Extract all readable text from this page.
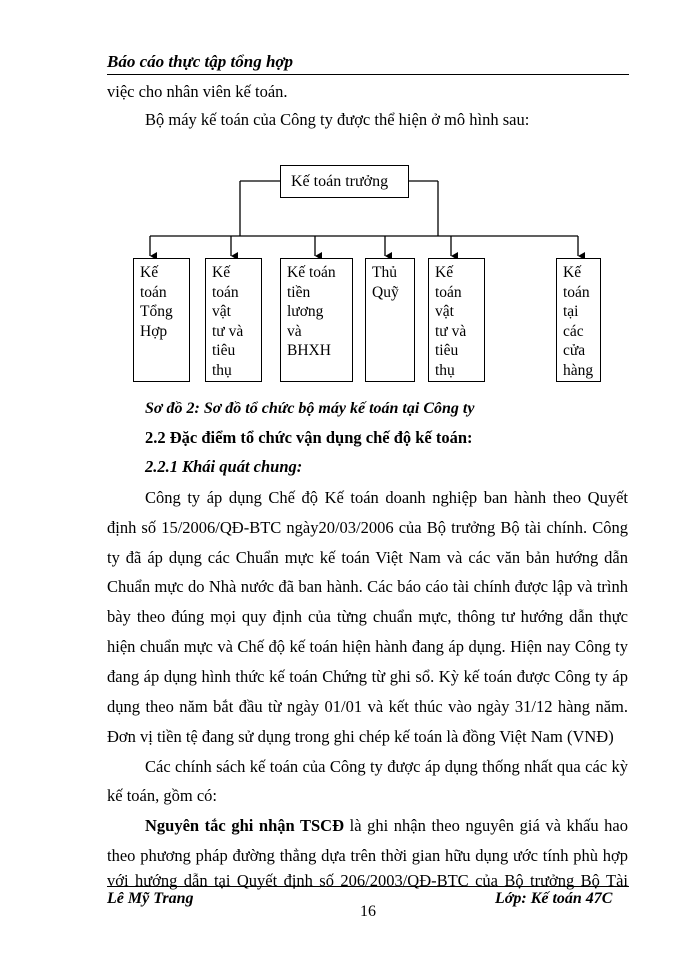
Báo cáo thực tập tổng hợp
việc cho nhân viên kế toán.
Bộ máy kế toán của Công ty được thể hiện ở mô hình sau:
Kế toán trưởng
Kế
toán
Tổng
Hợp
Kế
toán
vật
tư và
tiêu
thụ
Kế toán
tiền
lương
và
BHXH
Thủ
Quỹ
Kế
toán
vật
tư và
tiêu
thụ
Kế
toán
tại
các
cửa
hàng
Sơ đồ 2: Sơ đồ tổ chức bộ máy kế toán tại Công ty
2.2 Đặc điểm tổ chức vận dụng chế độ kế toán:
2.2.1 Khái quát chung:
Công ty áp dụng Chế độ Kế toán doanh nghiệp ban hành theo Quyết
định số 15/2006/QĐ-BTC ngày20/03/2006 của Bộ trưởng Bộ tài chính. Công
ty đã áp dụng các Chuẩn mực kế toán Việt Nam và các văn bản hướng dẫn
Chuẩn mực do Nhà nước đã ban hành. Các báo cáo tài chính được lập và trình
bày theo đúng mọi quy định của từng chuẩn mực, thông tư hướng dẫn thực
hiện chuẩn mực và Chế độ kế toán hiện hành đang áp dụng. Hiện nay Công ty
đang áp dụng hình thức kế toán Chứng từ ghi sổ. Kỳ kế toán được Công ty áp
dụng theo năm bắt đầu từ ngày 01/01 và kết thúc vào ngày 31/12 hàng năm.
Đơn vị tiền tệ đang sử dụng trong ghi chép kế toán là đồng Việt Nam (VNĐ)
Các chính sách kế toán của Công ty được áp dụng thống nhất qua các kỳ
kế toán, gồm có:
Nguyên tắc ghi nhận TSCĐ là ghi nhận theo nguyên giá và khấu hao
theo phương pháp đường thẳng dựa trên thời gian hữu dụng ước tính phù hợp
với hướng dẫn tại Quyết định số 206/2003/QĐ-BTC của Bộ trưởng Bộ Tài
Lê Mỹ Trang	Lớp: Kế toán 47C
16
